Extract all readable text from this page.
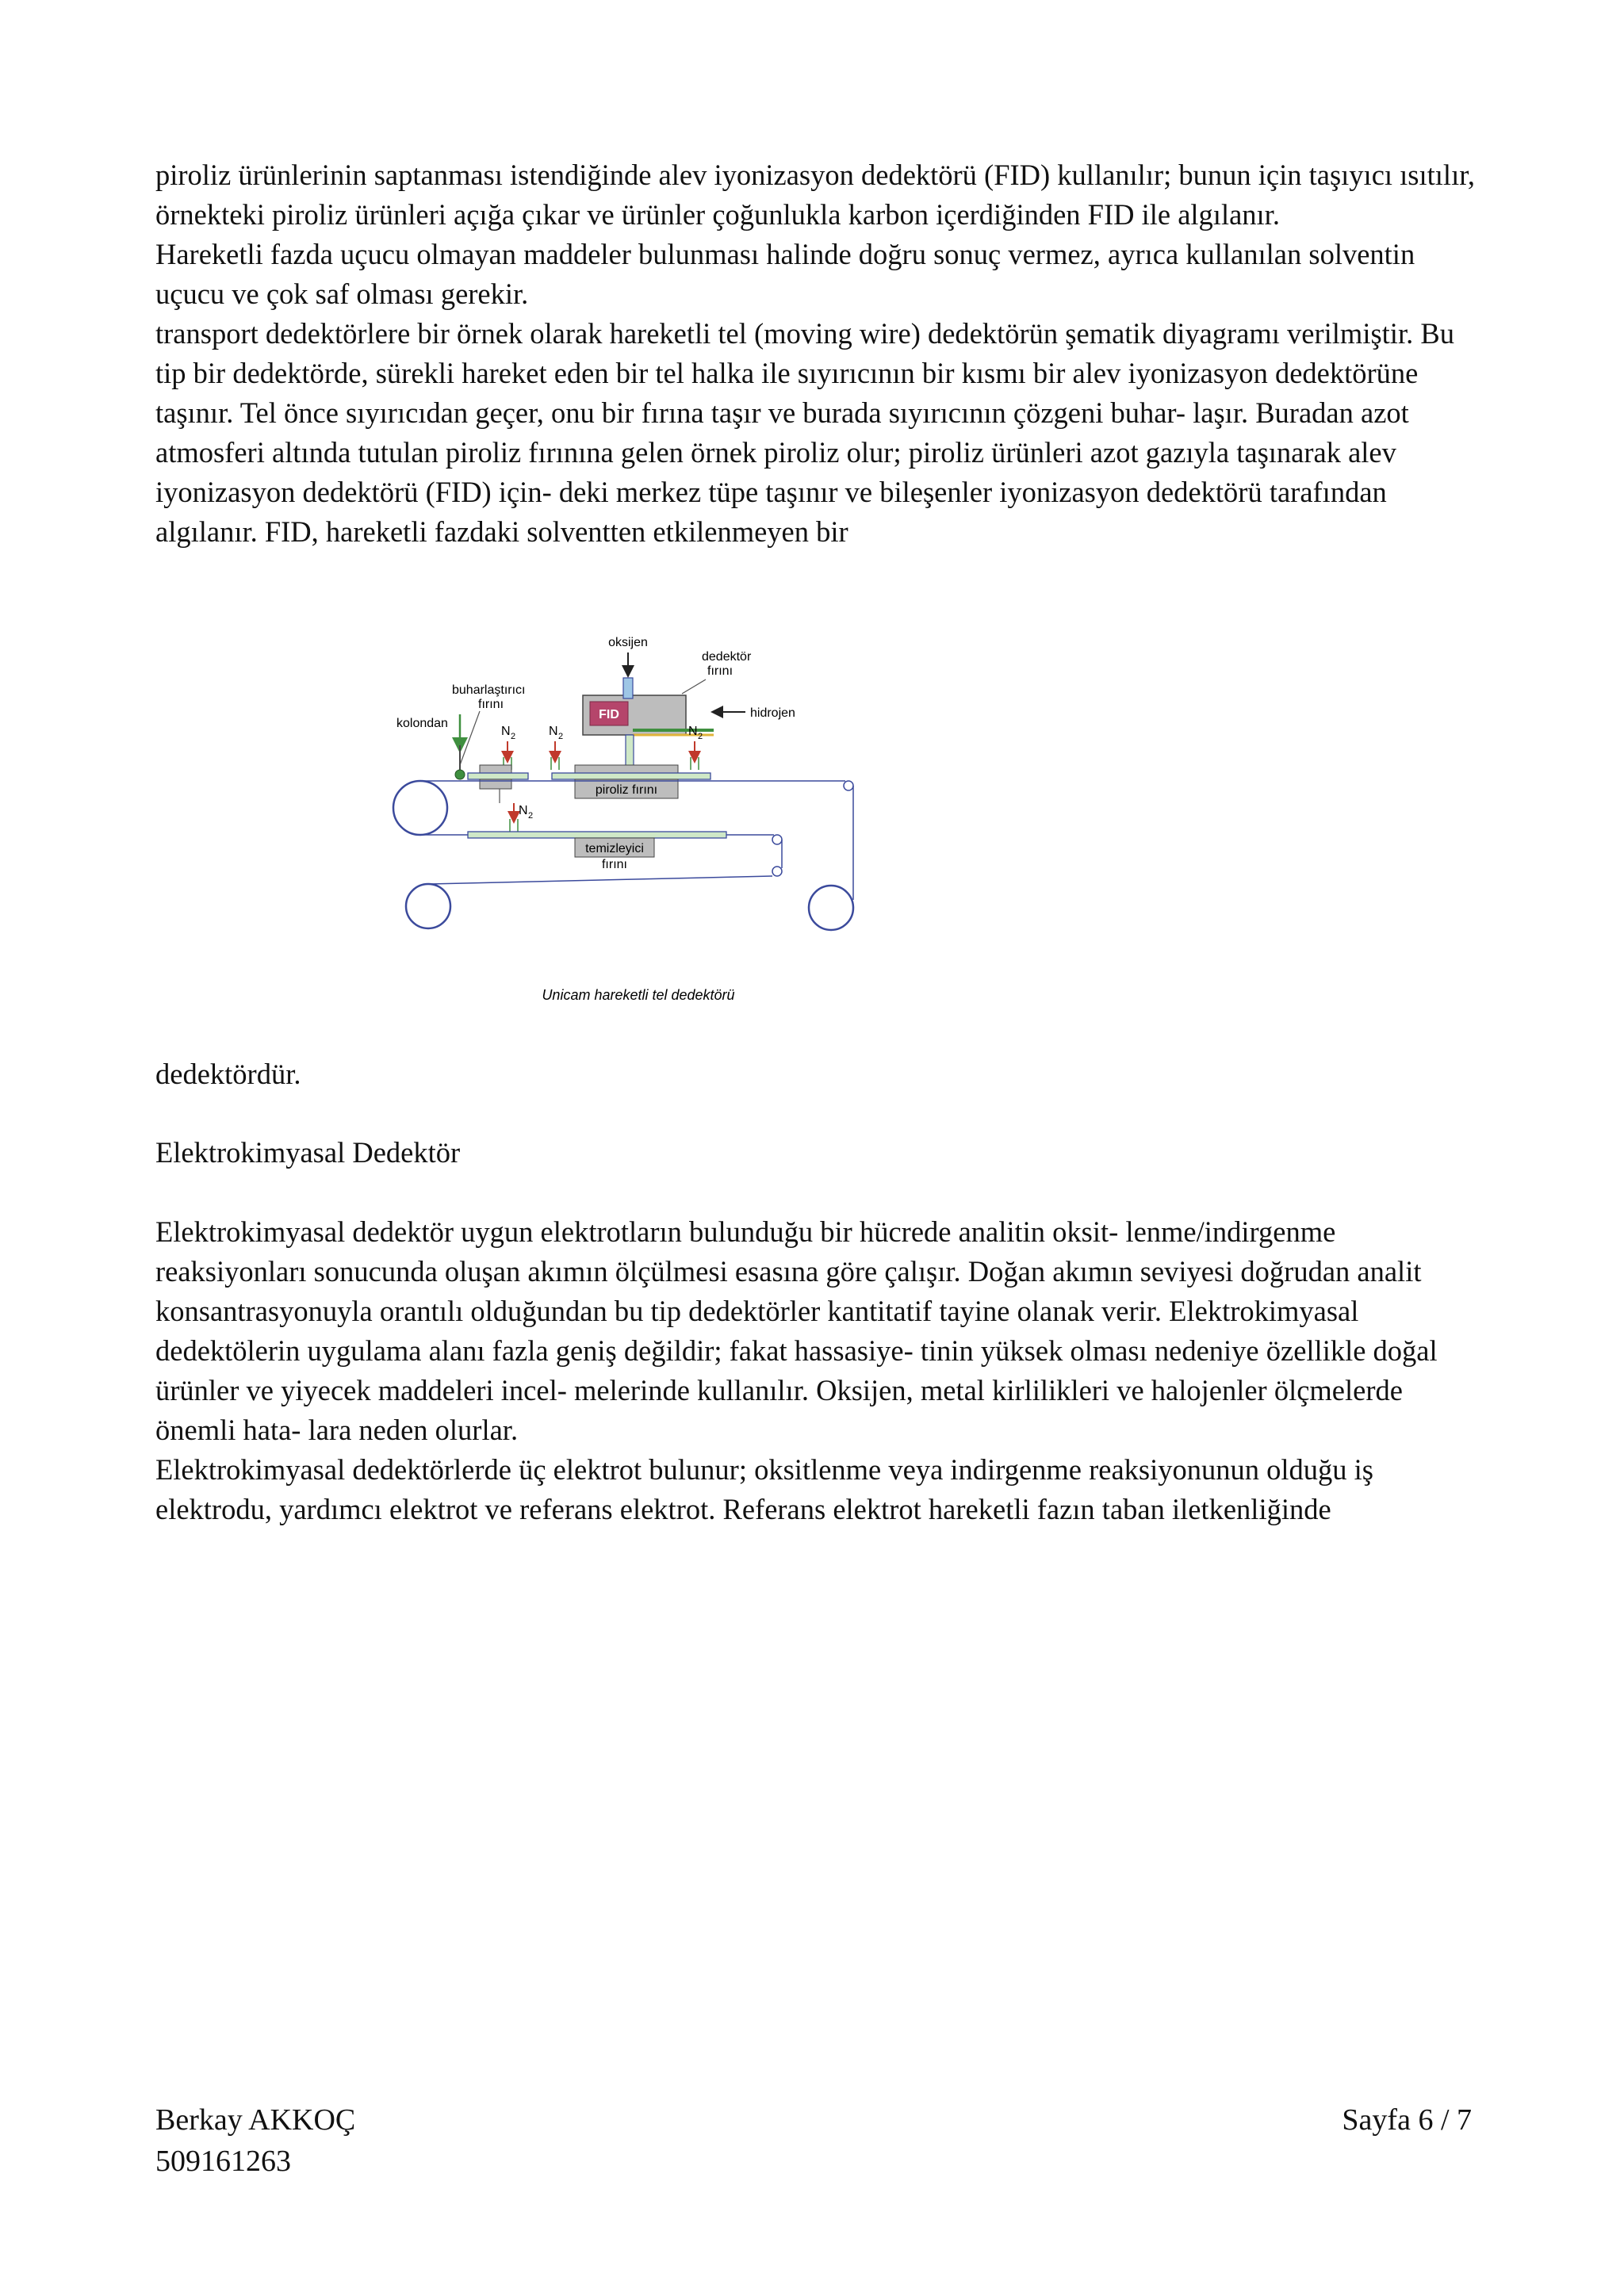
piroliz ürünlerinin saptanması istendiğinde alev iyonizasyon dedektörü (FID) kullanılır; bunun için taşıyıcı ısıtılır, örnekteki piroliz ürünleri açığa çıkar ve ürünler çoğunlukla karbon içerdiğinden FID ile algılanır.

Hareketli fazda uçucu olmayan maddeler bulunması halinde doğru sonuç vermez, ayrıca kullanılan solventin uçucu ve çok saf olması gerekir.

transport dedektörlere bir örnek olarak hareketli tel (moving wire) dedektörün şematik diyagramı verilmiştir. Bu tip bir dedektörde, sürekli hareket eden bir tel halka ile sıyırıcının bir kısmı bir alev iyonizasyon dedektörüne taşınır. Tel önce sıyırıcıdan geçer, onu bir fırına taşır ve burada sıyırıcının çözgeni buhar- laşır. Buradan azot atmosferi altında tutulan piroliz fırınına gelen örnek piroliz olur; piroliz ürünleri azot gazıyla taşınarak alev iyonizasyon dedektörü (FID) için- deki merkez tüpe taşınır ve bileşenler iyonizasyon dedektörü tarafından algılanır. FID, hareketli fazdaki solventten etkilenmeyen bir

oksijen
dedektör
fırını
FID	hidrojen
buharlaştırıcı
fırını
kolondan
N 2	N 2	N 2
piroliz fırını
N 2
temizleyici
fırını
Unicam hareketli tel dedektörü

dedektördür.

Elektrokimyasal Dedektör

Elektrokimyasal dedektör uygun elektrotların bulunduğu bir hücrede analitin oksit- lenme/indirgenme reaksiyonları sonucunda oluşan akımın ölçülmesi esasına göre çalışır. Doğan akımın seviyesi doğrudan analit konsantrasyonuyla orantılı olduğundan bu tip dedektörler kantitatif tayine olanak verir. Elektrokimyasal dedektölerin uygulama alanı fazla geniş değildir; fakat hassasiye- tinin yüksek olması nedeniye özellikle doğal ürünler ve yiyecek maddeleri incel- melerinde kullanılır. Oksijen, metal kirlilikleri ve halojenler ölçmelerde önemli hata- lara neden olurlar.

Elektrokimyasal dedektörlerde üç elektrot bulunur; oksitlenme veya indirgenme reaksiyonunun olduğu iş elektrodu, yardımcı elektrot ve referans elektrot. Referans elektrot hareketli fazın taban iletkenliğinde

Berkay AKKOÇ
509161263
Sayfa 6 / 7
